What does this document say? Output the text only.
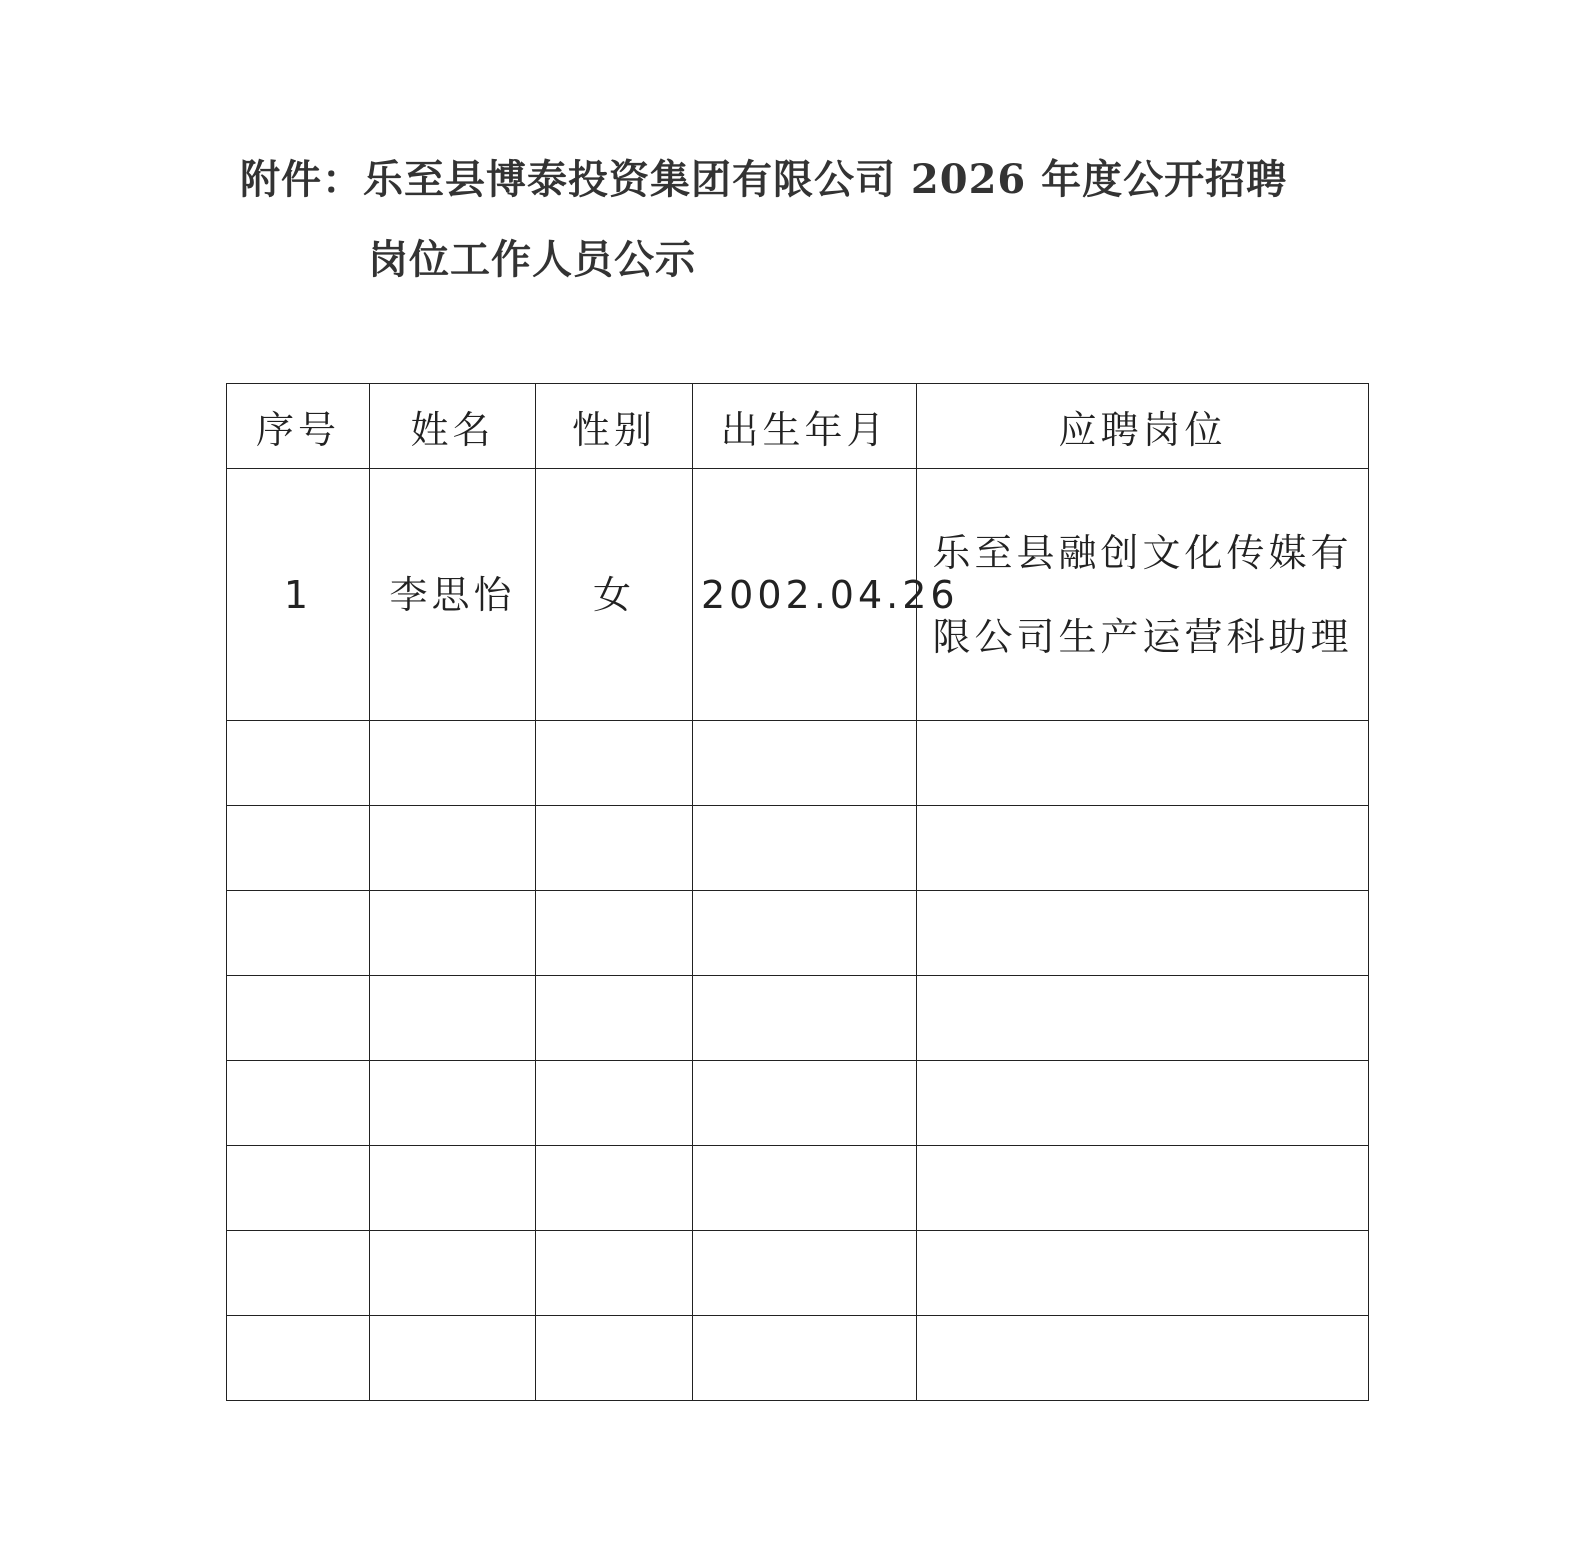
附件：乐至县博泰投资集团有限公司 2026 年度公开招聘
岗位工作人员公示
序号	姓名	性别	出生年月	应聘岗位
1	李思怡	女	2002.04.26	乐至县融创文化传媒有限公司生产运营科助理
